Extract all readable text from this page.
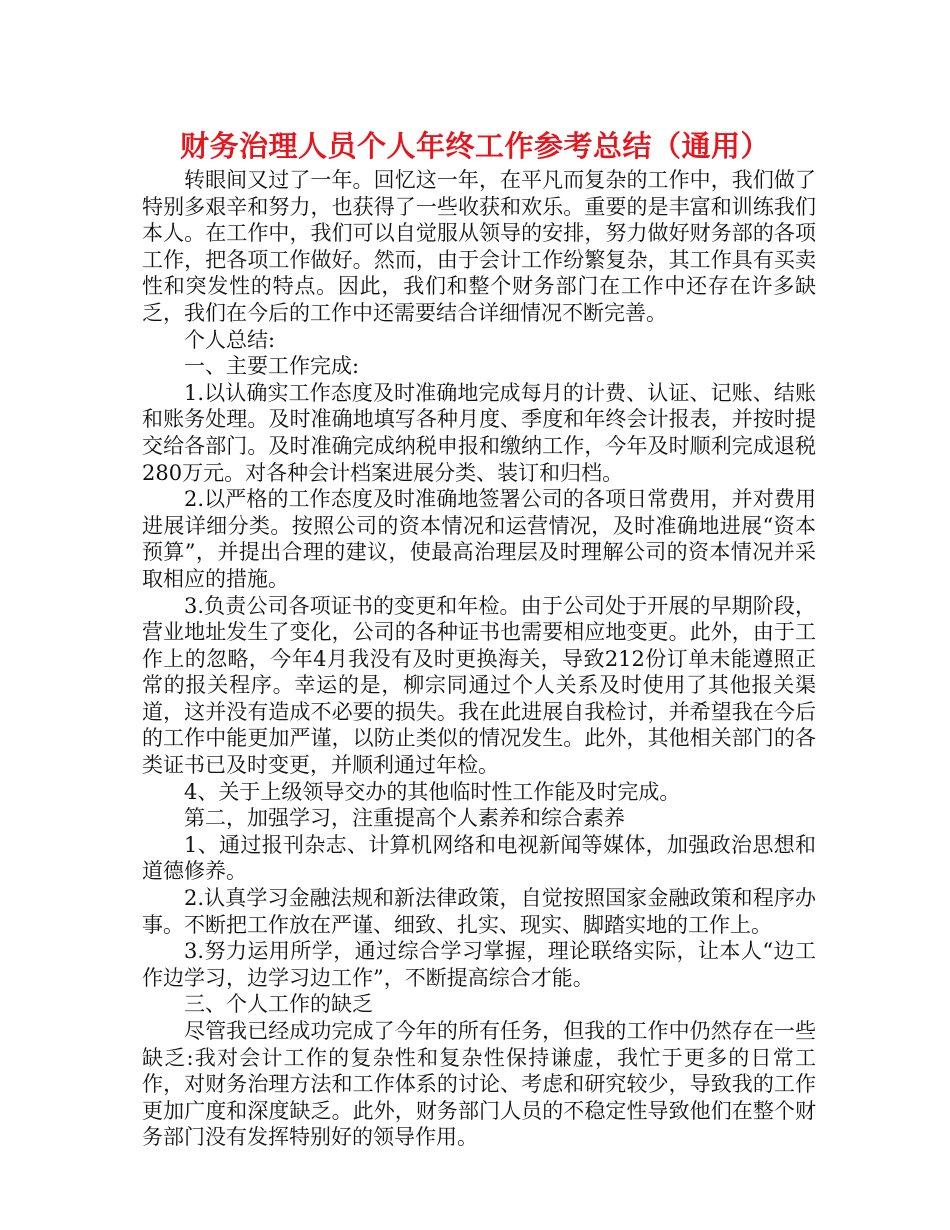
财务治理人员个人年终工作参考总结（通用）

转眼间又过了一年。回忆这一年，在平凡而复杂的工作中，我们做了特别多艰辛和努力，也获得了一些收获和欢乐。重要的是丰富和训练我们本人。在工作中，我们可以自觉服从领导的安排，努力做好财务部的各项工作，把各项工作做好。然而，由于会计工作纷繁复杂，其工作具有买卖性和突发性的特点。因此，我们和整个财务部门在工作中还存在许多缺乏，我们在今后的工作中还需要结合详细情况不断完善。

个人总结:

一、主要工作完成:

1.以认确实工作态度及时准确地完成每月的计费、认证、记账、结账和账务处理。及时准确地填写各种月度、季度和年终会计报表，并按时提交给各部门。及时准确完成纳税申报和缴纳工作，今年及时顺利完成退税280万元。对各种会计档案进展分类、装订和归档。

2.以严格的工作态度及时准确地签署公司的各项日常费用，并对费用进展详细分类。按照公司的资本情况和运营情况，及时准确地进展“资本预算”，并提出合理的建议，使最高治理层及时理解公司的资本情况并采取相应的措施。

3.负责公司各项证书的变更和年检。由于公司处于开展的早期阶段，营业地址发生了变化，公司的各种证书也需要相应地变更。此外，由于工作上的忽略，今年4月我没有及时更换海关，导致212份订单未能遵照正常的报关程序。幸运的是，柳宗同通过个人关系及时使用了其他报关渠道，这并没有造成不必要的损失。我在此进展自我检讨，并希望我在今后的工作中能更加严谨，以防止类似的情况发生。此外，其他相关部门的各类证书已及时变更，并顺利通过年检。

4、关于上级领导交办的其他临时性工作能及时完成。

第二，加强学习，注重提高个人素养和综合素养

1、通过报刊杂志、计算机网络和电视新闻等媒体，加强政治思想和道德修养。

2.认真学习金融法规和新法律政策，自觉按照国家金融政策和程序办事。不断把工作放在严谨、细致、扎实、现实、脚踏实地的工作上。

3.努力运用所学，通过综合学习掌握，理论联络实际，让本人“边工作边学习，边学习边工作”，不断提高综合才能。

三、个人工作的缺乏

尽管我已经成功完成了今年的所有任务，但我的工作中仍然存在一些缺乏:我对会计工作的复杂性和复杂性保持谦虚，我忙于更多的日常工作，对财务治理方法和工作体系的讨论、考虑和研究较少，导致我的工作更加广度和深度缺乏。此外，财务部门人员的不稳定性导致他们在整个财务部门没有发挥特别好的领导作用。
